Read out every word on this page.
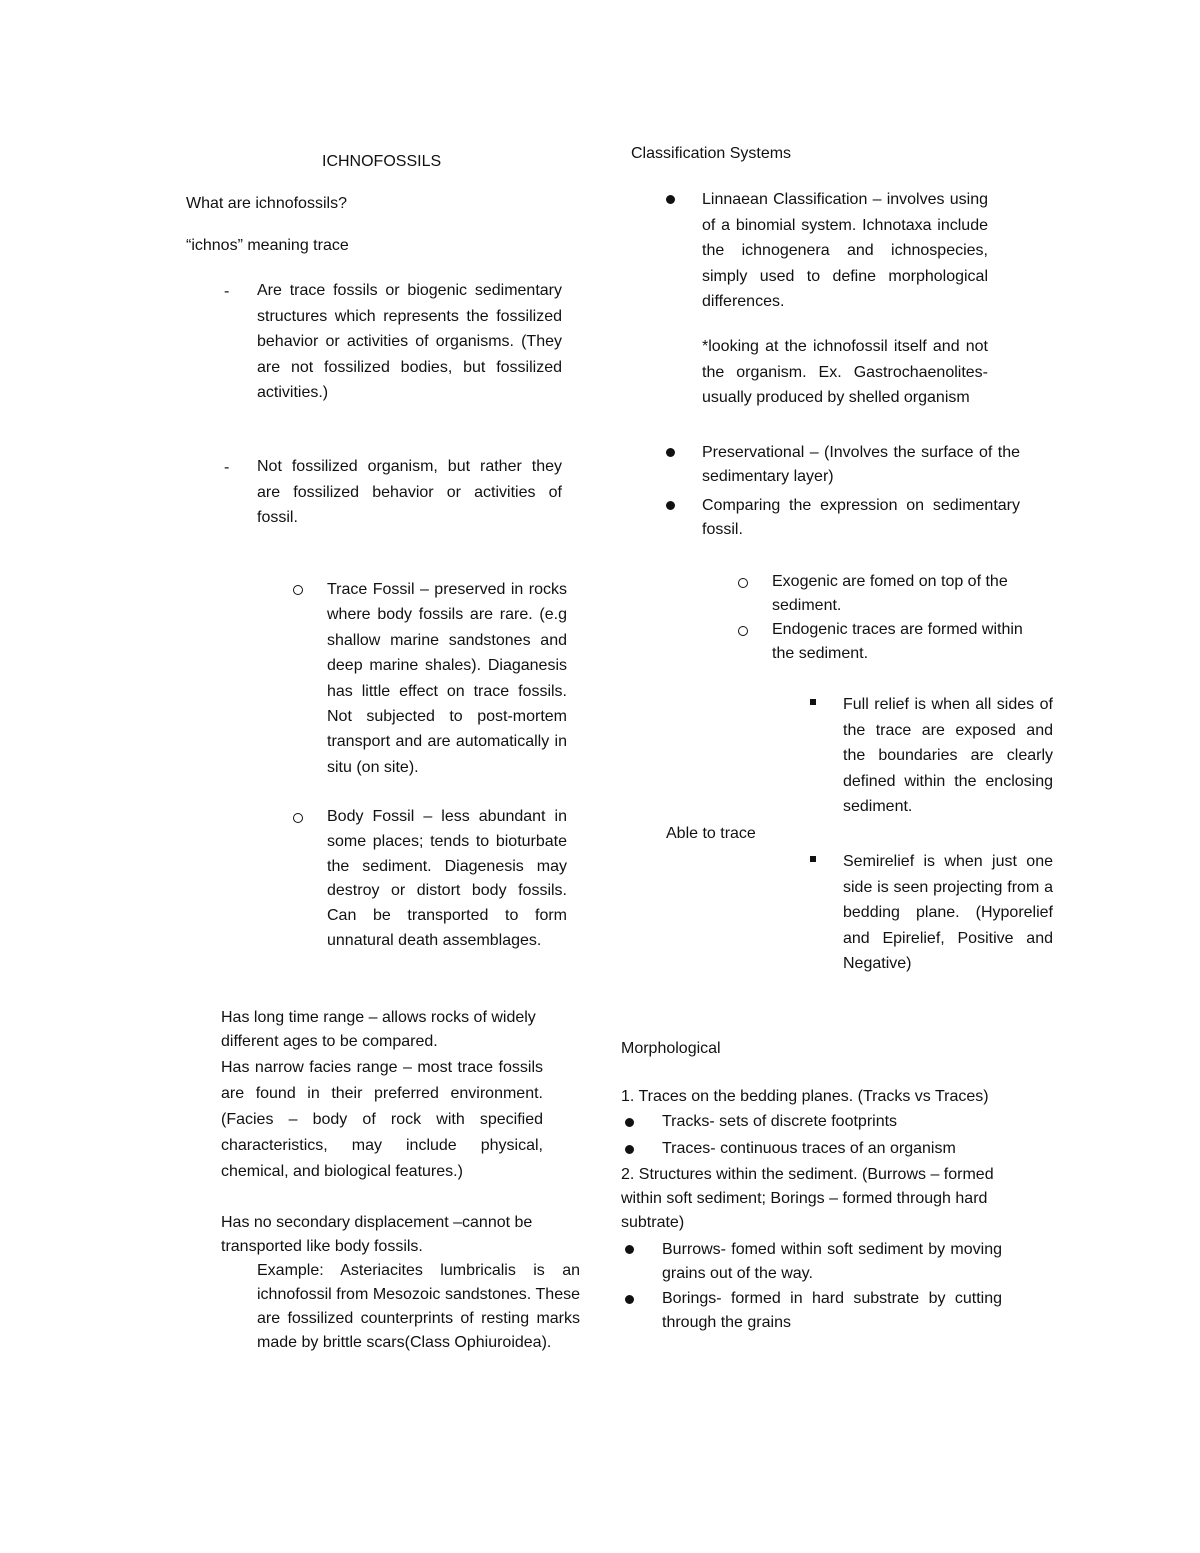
ICHNOFOSSILS
What are ichnofossils?
“ichnos” meaning trace
- Are trace fossils or biogenic sedimentary structures which represents the fossilized behavior or activities of organisms. (They are not fossilized bodies, but fossilized activities.)
- Not fossilized organism, but rather they are fossilized behavior or activities of fossil.
Trace Fossil – preserved in rocks where body fossils are rare. (e.g shallow marine sandstones and deep marine shales). Diaganesis has little effect on trace fossils. Not subjected to post-mortem transport and are automatically in situ (on site).
Body Fossil – less abundant in some places; tends to bioturbate the sediment. Diagenesis may destroy or distort body fossils. Can be transported to form unnatural death assemblages.
Has long time range – allows rocks of widely different ages to be compared.
Has narrow facies range – most trace fossils are found in their preferred environment. (Facies – body of rock with specified characteristics, may include physical, chemical, and biological features.)
Has no secondary displacement –cannot be transported like body fossils.
Example: Asteriacites lumbricalis is an ichnofossil from Mesozoic sandstones. These are fossilized counterprints of resting marks made by brittle scars(Class Ophiuroidea).
Classification Systems
Linnaean Classification – involves using of a binomial system. Ichnotaxa include the ichnogenera and ichnospecies, simply used to define morphological differences.
*looking at the ichnofossil itself and not the organism. Ex. Gastrochaenolites-usually produced by shelled organism
Preservational – (Involves the surface of the sedimentary layer)
Comparing the expression on sedimentary fossil.
Exogenic are fomed on top of the sediment.
Endogenic traces are formed within the sediment.
Full relief is when all sides of the trace are exposed and the boundaries are clearly defined within the enclosing sediment.
Able to trace
Semirelief is when just one side is seen projecting from a bedding plane. (Hyporelief and Epirelief, Positive and Negative)
Morphological
1. Traces on the bedding planes. (Tracks vs Traces)
Tracks- sets of discrete footprints
Traces- continuous traces of an organism
2. Structures within the sediment. (Burrows – formed within soft sediment; Borings – formed through hard subtrate)
Burrows- fomed within soft sediment by moving grains out of the way.
Borings- formed in hard substrate by cutting through the grains
